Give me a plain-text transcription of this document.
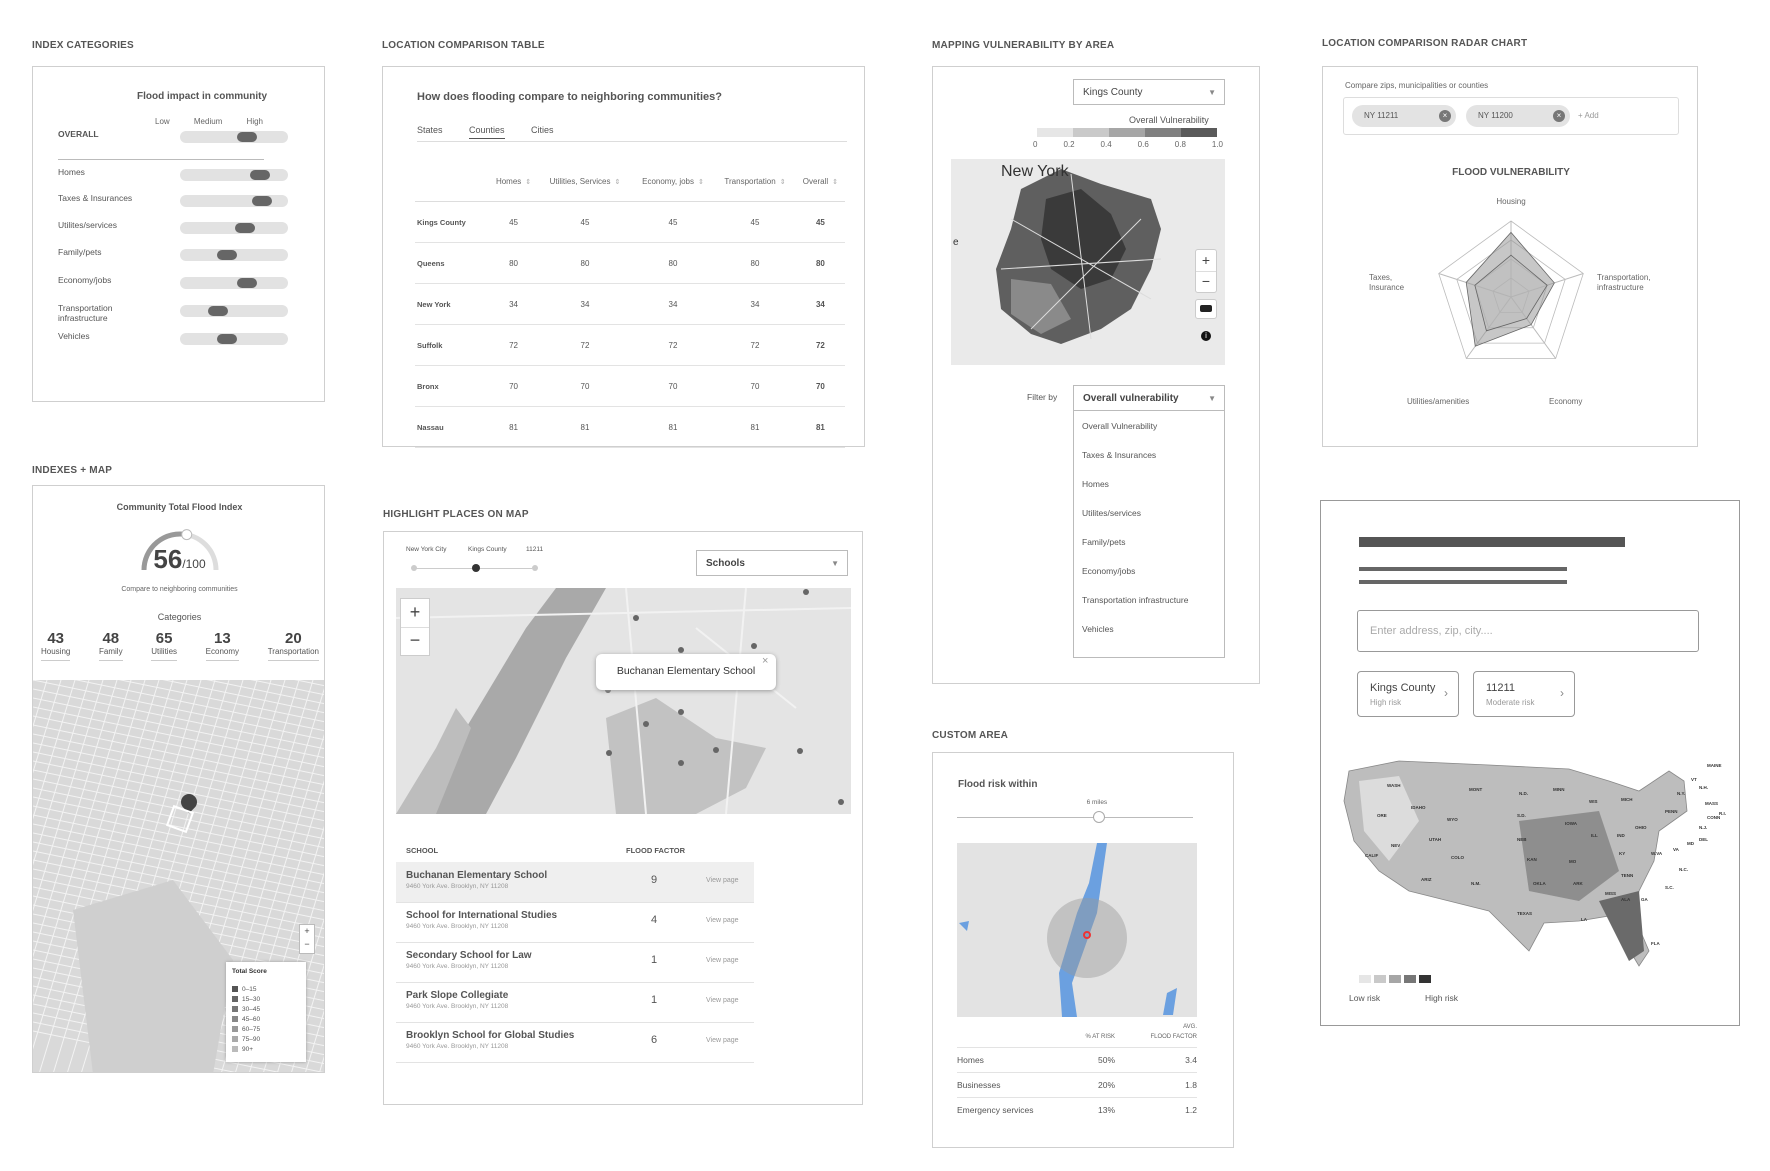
INDEX CATEGORIES	LOCATION COMPARISON TABLE	MAPPING VULNERABILITY BY AREA	LOCATION COMPARISON RADAR CHART
INDEXES + MAP
HIGHLIGHT PLACES ON MAP
CUSTOM AREA
Flood impact in community
Low	Medium	High
OVERALL
Homes
Taxes & Insurances
Utilites/services
Family/pets
Economy/jobs
Transportation infrastructure
Vehicles
How does flooding compare to neighboring communities?
States	Counties	Cities
	Homes ⇕	Utilities, Services ⇕	Economy, jobs ⇕	Transportation ⇕	Overall ⇕
Kings County	45	45	45	45	45
Queens	80	80	80	80	80
New York	34	34	34	34	34
Suffolk	72	72	72	72	72
Bronx	70	70	70	70	70
Nassau	81	81	81	81	81
Kings County	▼
Overall Vulnerability
0	0.2	0.4	0.6	0.8	1.0
New York
e
+
−
i
Filter by	Overall vulnerability	▼
Overall Vulnerability
Taxes & Insurances
Homes
Utilites/services
Family/pets
Economy/jobs
Transportation infrastructure
Vehicles
Compare zips, municipalities or counties
NY 11211	×	NY 11200	×	+ Add
FLOOD VULNERABILITY
Housing
Transportation, infrastructure
Economy
Utilities/amenities
Taxes, Insurance
Community Total Flood Index
56/100
Compare to neighboring communities
Categories
43
Housing
48
Family
65
Utilities
13
Economy
20
Transportation
+
−
Total Score
0–15
15–30
30–45
45–60
60–75
75–90
90+
New York City	Kings County	11211
Schools	▼
+
−
Buchanan Elementary School
×
SCHOOL	FLOOD FACTOR
Buchanan Elementary School
9460 York Ave. Brooklyn, NY 11208
9	View page
School for International Studies
9460 York Ave. Brooklyn, NY 11208
4	View page
Secondary School for Law
9460 York Ave. Brooklyn, NY 11208
1	View page
Park Slope Collegiate
9460 York Ave. Brooklyn, NY 11208
1	View page
Brooklyn School for Global Studies
9460 York Ave. Brooklyn, NY 11208
6	View page
Flood risk within
6 miles
% AT RISK
AVG.
FLOOD FACTOR
Homes	50%	3.4
Businesses	20%	1.8
Emergency services	13%	1.2
Enter address, zip, city....
Kings County
High risk
›	11211
Moderate risk
›
MONT
N.D.
MINN
WIS	MICH
S.D.
WYO
IOWA
NEB
ILL	IND
OHIO
PENN
N.Y.
UTAH
COLO	KAN	MO
KY
TENN
ARIZ
N.M.	OKLA	ARK
MISS
ALA GA
S.C.
N.C.
VA
TEXAS
LA
FLA
CALIF
NEV
ORE
IDAHO
WASH
VT
N.H.
MAINE
MASS
CONN
R.I.
N.J.
DEL
MD
W.VA
Low risk	High risk
